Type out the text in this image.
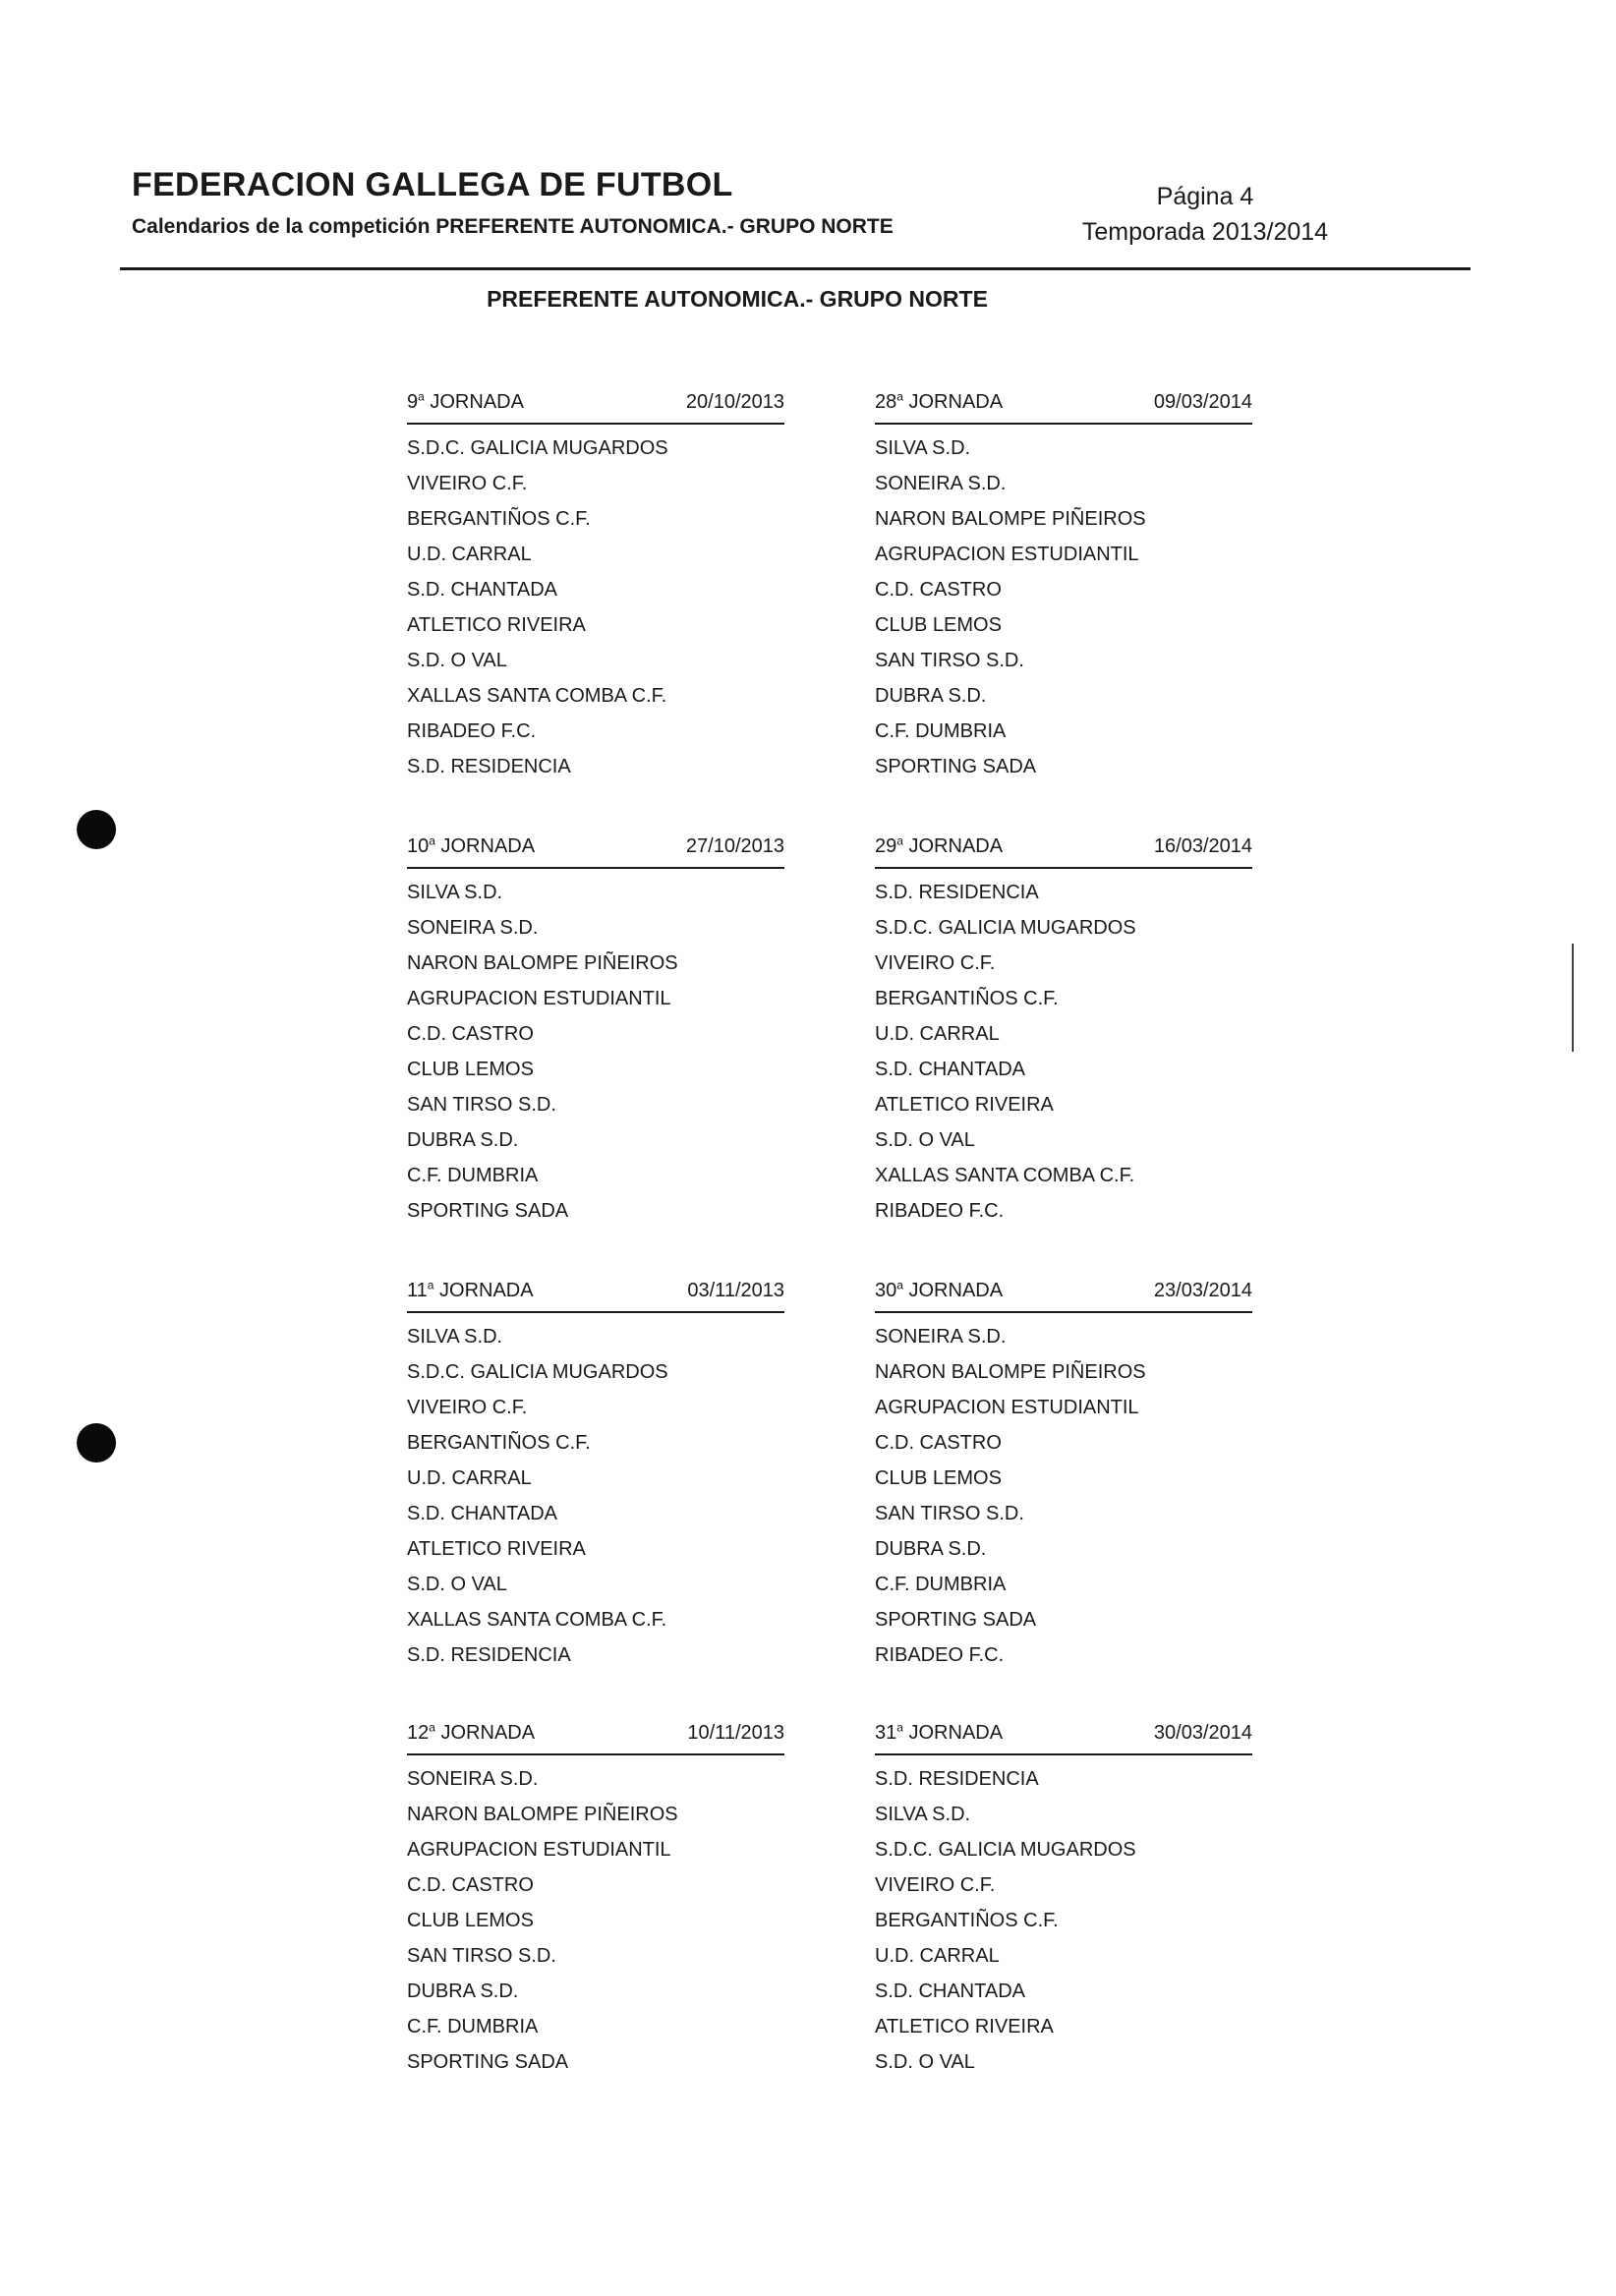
FEDERACION GALLEGA DE FUTBOL
Calendarios de la competición PREFERENTE AUTONOMICA.- GRUPO NORTE
Página 4
Temporada 2013/2014
PREFERENTE AUTONOMICA.- GRUPO NORTE
9$^a$ JORNADA	20/10/2013
S.D.C. GALICIA MUGARDOS
VIVEIRO C.F.
BERGANTIÑOS C.F.
U.D. CARRAL
S.D. CHANTADA
ATLETICO RIVEIRA
S.D. O VAL
XALLAS SANTA COMBA C.F.
RIBADEO F.C.
S.D. RESIDENCIA
28$^a$ JORNADA	09/03/2014
SILVA S.D.
SONEIRA S.D.
NARON BALOMPE PIÑEIROS
AGRUPACION ESTUDIANTIL
C.D. CASTRO
CLUB LEMOS
SAN TIRSO S.D.
DUBRA S.D.
C.F. DUMBRIA
SPORTING SADA
10$^a$ JORNADA	27/10/2013
SILVA S.D.
SONEIRA S.D.
NARON BALOMPE PIÑEIROS
AGRUPACION ESTUDIANTIL
C.D. CASTRO
CLUB LEMOS
SAN TIRSO S.D.
DUBRA S.D.
C.F. DUMBRIA
SPORTING SADA
29$^a$ JORNADA	16/03/2014
S.D. RESIDENCIA
S.D.C. GALICIA MUGARDOS
VIVEIRO C.F.
BERGANTIÑOS C.F.
U.D. CARRAL
S.D. CHANTADA
ATLETICO RIVEIRA
S.D. O VAL
XALLAS SANTA COMBA C.F.
RIBADEO F.C.
11$^a$ JORNADA	03/11/2013
SILVA S.D.
S.D.C. GALICIA MUGARDOS
VIVEIRO C.F.
BERGANTIÑOS C.F.
U.D. CARRAL
S.D. CHANTADA
ATLETICO RIVEIRA
S.D. O VAL
XALLAS SANTA COMBA C.F.
S.D. RESIDENCIA
30$^a$ JORNADA	23/03/2014
SONEIRA S.D.
NARON BALOMPE PIÑEIROS
AGRUPACION ESTUDIANTIL
C.D. CASTRO
CLUB LEMOS
SAN TIRSO S.D.
DUBRA S.D.
C.F. DUMBRIA
SPORTING SADA
RIBADEO F.C.
12$^a$ JORNADA	10/11/2013
SONEIRA S.D.
NARON BALOMPE PIÑEIROS
AGRUPACION ESTUDIANTIL
C.D. CASTRO
CLUB LEMOS
SAN TIRSO S.D.
DUBRA S.D.
C.F. DUMBRIA
SPORTING SADA
31$^a$ JORNADA	30/03/2014
S.D. RESIDENCIA
SILVA S.D.
S.D.C. GALICIA MUGARDOS
VIVEIRO C.F.
BERGANTIÑOS C.F.
U.D. CARRAL
S.D. CHANTADA
ATLETICO RIVEIRA
S.D. O VAL
